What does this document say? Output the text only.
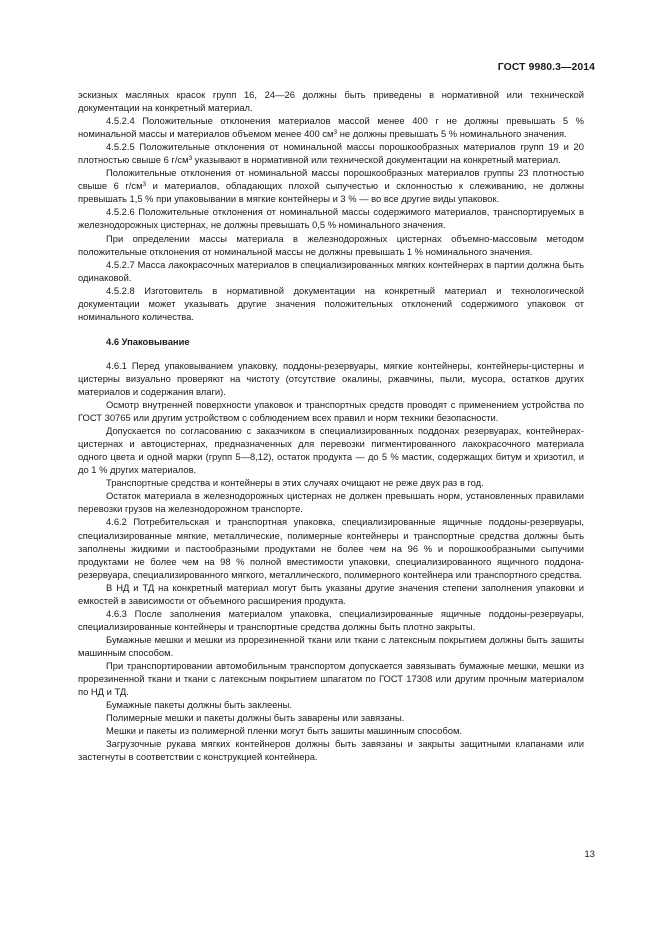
ГОСТ 9980.3—2014

эскизных масляных красок групп 16, 24—26 должны быть приведены в нормативной или технической документации на конкретный материал.

4.5.2.4 Положительные отклонения материалов массой менее 400 г не должны превышать 5 % номинальной массы и материалов объемом менее 400 $см^3$ не должны превышать 5 % номинального значения.

4.5.2.5 Положительные отклонения от номинальной массы порошкообразных материалов групп 19 и 20 плотностью свыше 6 $г/см^3$ указывают в нормативной или технической документации на конкретный материал.

Положительные отклонения от номинальной массы порошкообразных материалов группы 23 плотностью свыше 6 $г/см^3$ и материалов, обладающих плохой сыпучестью и склонностью к слеживанию, не должны превышать 1,5 % при упаковывании в мягкие контейнеры и 3 % — во все другие виды упаковок.

4.5.2.6 Положительные отклонения от номинальной массы содержимого материалов, транспортируемых в железнодорожных цистернах, не должны превышать 0,5 % номинального значения.

При определении массы материала в железнодорожных цистернах объемно-массовым методом положительные отклонения от номинальной массы не должны превышать 1 % номинального значения.

4.5.2.7 Масса лакокрасочных материалов в специализированных мягких контейнерах в партии должна быть одинаковой.

4.5.2.8 Изготовитель в нормативной документации на конкретный материал и технологической документации может указывать другие значения положительных отклонений содержимого упаковок от номинального количества.

4.6 Упаковывание

4.6.1 Перед упаковыванием упаковку, поддоны-резервуары, мягкие контейнеры, контейнеры-цистерны и цистерны визуально проверяют на чистоту (отсутствие окалины, ржавчины, пыли, мусора, остатков других материалов и содержания влаги).

Осмотр внутренней поверхности упаковок и транспортных средств проводят с применением устройства по ГОСТ 30765 или другим устройством с соблюдением всех правил и норм техники безопасности.

Допускается по согласованию с заказчиком в специализированных поддонах резервуарах, контейнерах-цистернах и автоцистернах, предназначенных для перевозки пигментированного лакокрасочного материала одного цвета и одной марки (групп 5—8,12), остаток продукта — до 5 % мастик, содержащих битум и хризотил, и до 1 % других материалов.

Транспортные средства и контейнеры в этих случаях очищают не реже двух раз в год.

Остаток материала в железнодорожных цистернах не должен превышать норм, установленных правилами перевозки грузов на железнодорожном транспорте.

4.6.2 Потребительская и транспортная упаковка, специализированные ящичные поддоны-резервуары, специализированные мягкие, металлические, полимерные контейнеры и транспортные средства должны быть заполнены жидкими и пастообразными продуктами не более чем на 96 % и порошкообразными сыпучими продуктами не более чем на 98 % полной вместимости упаковки, специализированного ящичного поддона-резервуара, специализированного мягкого, металлического, полимерного контейнера или транспортного средства.

В НД и ТД на конкретный материал могут быть указаны другие значения степени заполнения упаковки и емкостей в зависимости от объемного расширения продукта.

4.6.3 После заполнения материалом упаковка, специализированные ящичные поддоны-резервуары, специализированные контейнеры и транспортные средства должны быть плотно закрыты.

Бумажные мешки и мешки из прорезиненной ткани или ткани с латексным покрытием должны быть зашиты машинным способом.

При транспортировании автомобильным транспортом допускается завязывать бумажные мешки, мешки из прорезиненной ткани и ткани с латексным покрытием шпагатом по ГОСТ 17308 или другим прочным материалом по НД и ТД.

Бумажные пакеты должны быть заклеены.

Полимерные мешки и пакеты должны быть заварены или завязаны.

Мешки и пакеты из полимерной пленки могут быть зашиты машинным способом.

Загрузочные рукава мягких контейнеров должны быть завязаны и закрыты защитными клапанами или застегнуты в соответствии с конструкцией контейнера.

13
